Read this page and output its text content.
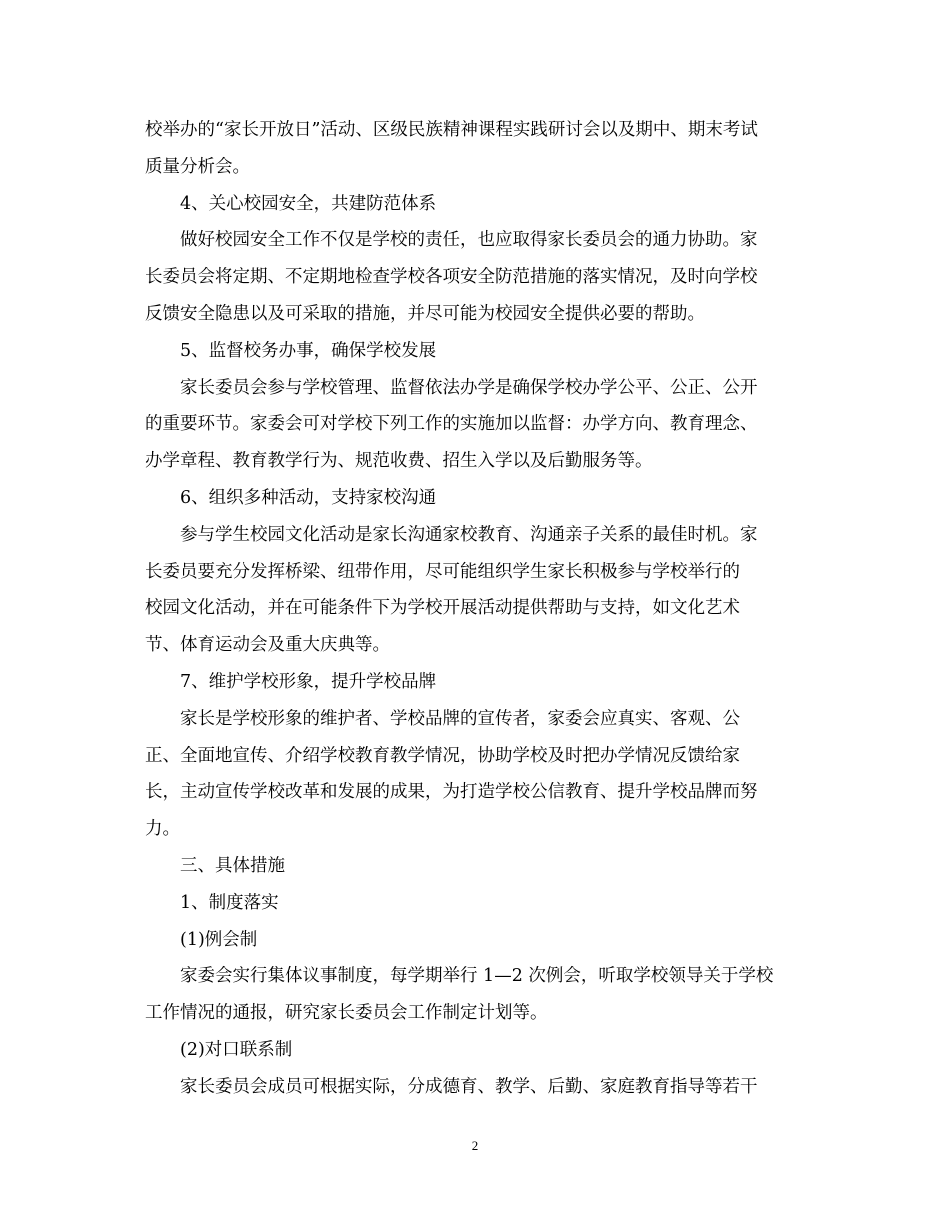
校举办的“家长开放日”活动、区级民族精神课程实践研讨会以及期中、期末考试
质量分析会。
4、关心校园安全，共建防范体系
做好校园安全工作不仅是学校的责任，也应取得家长委员会的通力协助。家
长委员会将定期、不定期地检查学校各项安全防范措施的落实情况，及时向学校
反馈安全隐患以及可采取的措施，并尽可能为校园安全提供必要的帮助。
5、监督校务办事，确保学校发展
家长委员会参与学校管理、监督依法办学是确保学校办学公平、公正、公开
的重要环节。家委会可对学校下列工作的实施加以监督：办学方向、教育理念、
办学章程、教育教学行为、规范收费、招生入学以及后勤服务等。
6、组织多种活动，支持家校沟通
参与学生校园文化活动是家长沟通家校教育、沟通亲子关系的最佳时机。家
长委员要充分发挥桥梁、纽带作用，尽可能组织学生家长积极参与学校举行的
校园文化活动，并在可能条件下为学校开展活动提供帮助与支持，如文化艺术
节、体育运动会及重大庆典等。
7、维护学校形象，提升学校品牌
家长是学校形象的维护者、学校品牌的宣传者，家委会应真实、客观、公
正、全面地宣传、介绍学校教育教学情况，协助学校及时把办学情况反馈给家
长，主动宣传学校改革和发展的成果，为打造学校公信教育、提升学校品牌而努
力。
三、具体措施
1、制度落实
(1)例会制
家委会实行集体议事制度，每学期举行 1—2 次例会，听取学校领导关于学校
工作情况的通报，研究家长委员会工作制定计划等。
(2)对口联系制
家长委员会成员可根据实际，分成德育、教学、后勤、家庭教育指导等若干
2
